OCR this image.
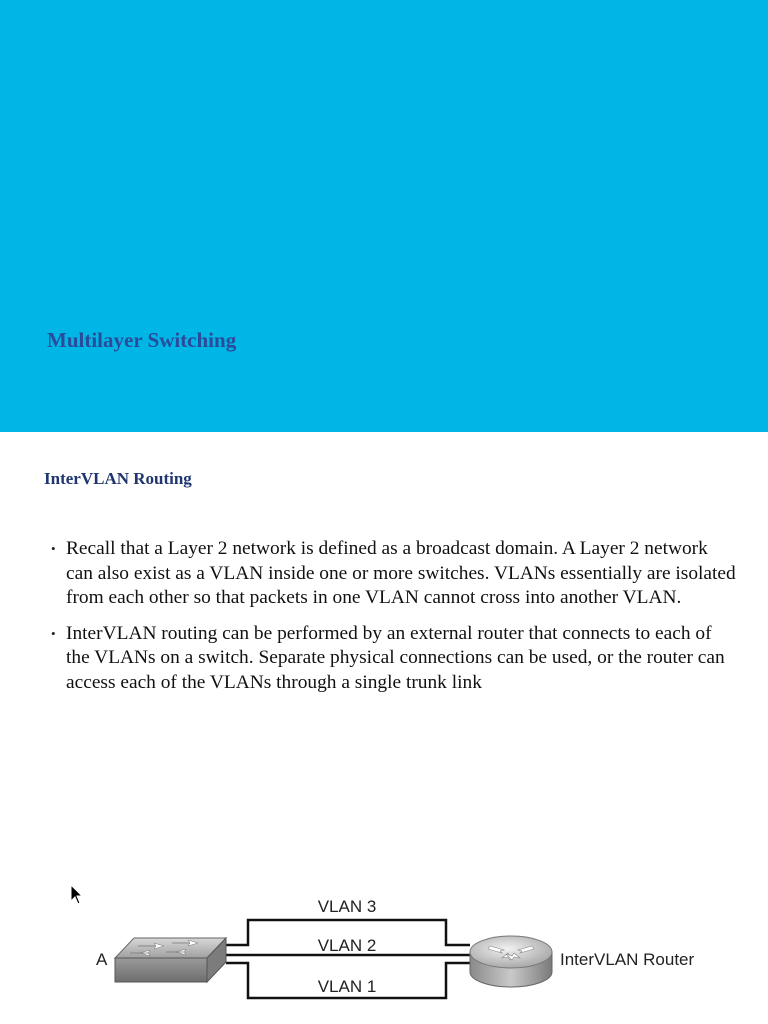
Multilayer Switching
InterVLAN Routing
• Recall that a Layer 2 network is defined as a broadcast domain. A Layer 2 network can also exist as a VLAN inside one or more switches. VLANs essentially are isolated from each other so that packets in one VLAN cannot cross into another VLAN.
• InterVLAN routing can be performed by an external router that connects to each of the VLANs on a switch. Separate physical connections can be used, or the router can access each of the VLANs through a single trunk link
A
VLAN 3
VLAN 2
VLAN 1
InterVLAN Router
